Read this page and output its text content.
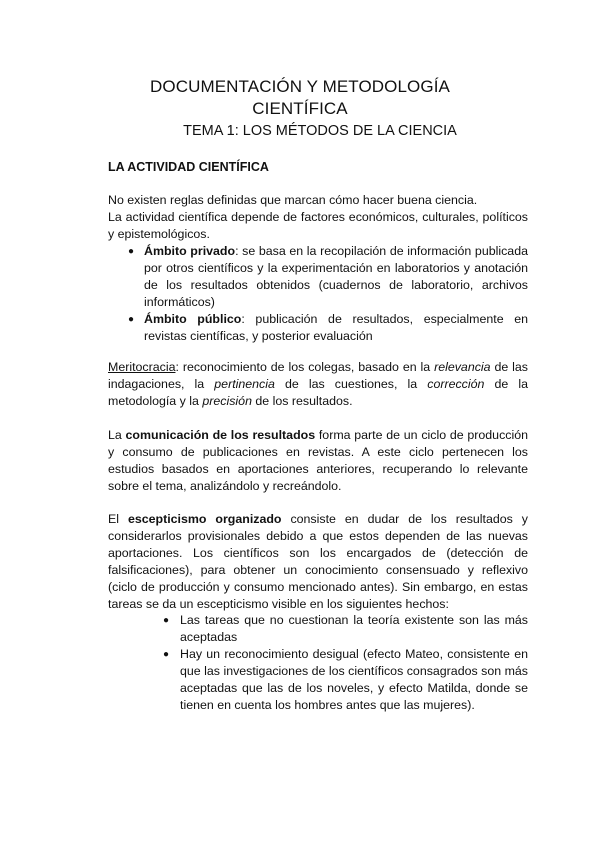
DOCUMENTACIÓN Y METODOLOGÍA
CIENTÍFICA
TEMA 1: LOS MÉTODOS DE LA CIENCIA
LA ACTIVIDAD CIENTÍFICA
No existen reglas definidas que marcan cómo hacer buena ciencia.
La actividad científica depende de factores económicos, culturales, políticos y epistemológicos.
● Ámbito privado: se basa en la recopilación de información publicada por otros científicos y la experimentación en laboratorios y anotación de los resultados obtenidos (cuadernos de laboratorio, archivos informáticos)
● Ámbito público: publicación de resultados, especialmente en revistas científicas, y posterior evaluación
Meritocracia: reconocimiento de los colegas, basado en la relevancia de las indagaciones, la pertinencia de las cuestiones, la corrección de la metodología y la precisión de los resultados.
La comunicación de los resultados forma parte de un ciclo de producción y consumo de publicaciones en revistas. A este ciclo pertenecen los estudios basados en aportaciones anteriores, recuperando lo relevante sobre el tema, analizándolo y recreándolo.
El escepticismo organizado consiste en dudar de los resultados y considerarlos provisionales debido a que estos dependen de las nuevas aportaciones. Los científicos son los encargados de (detección de falsificaciones), para obtener un conocimiento consensuado y reflexivo (ciclo de producción y consumo mencionado antes). Sin embargo, en estas tareas se da un escepticismo visible en los siguientes hechos:
● Las tareas que no cuestionan la teoría existente son las más aceptadas
● Hay un reconocimiento desigual (efecto Mateo, consistente en que las investigaciones de los científicos consagrados son más aceptadas que las de los noveles, y efecto Matilda, donde se tienen en cuenta los hombres antes que las mujeres).
